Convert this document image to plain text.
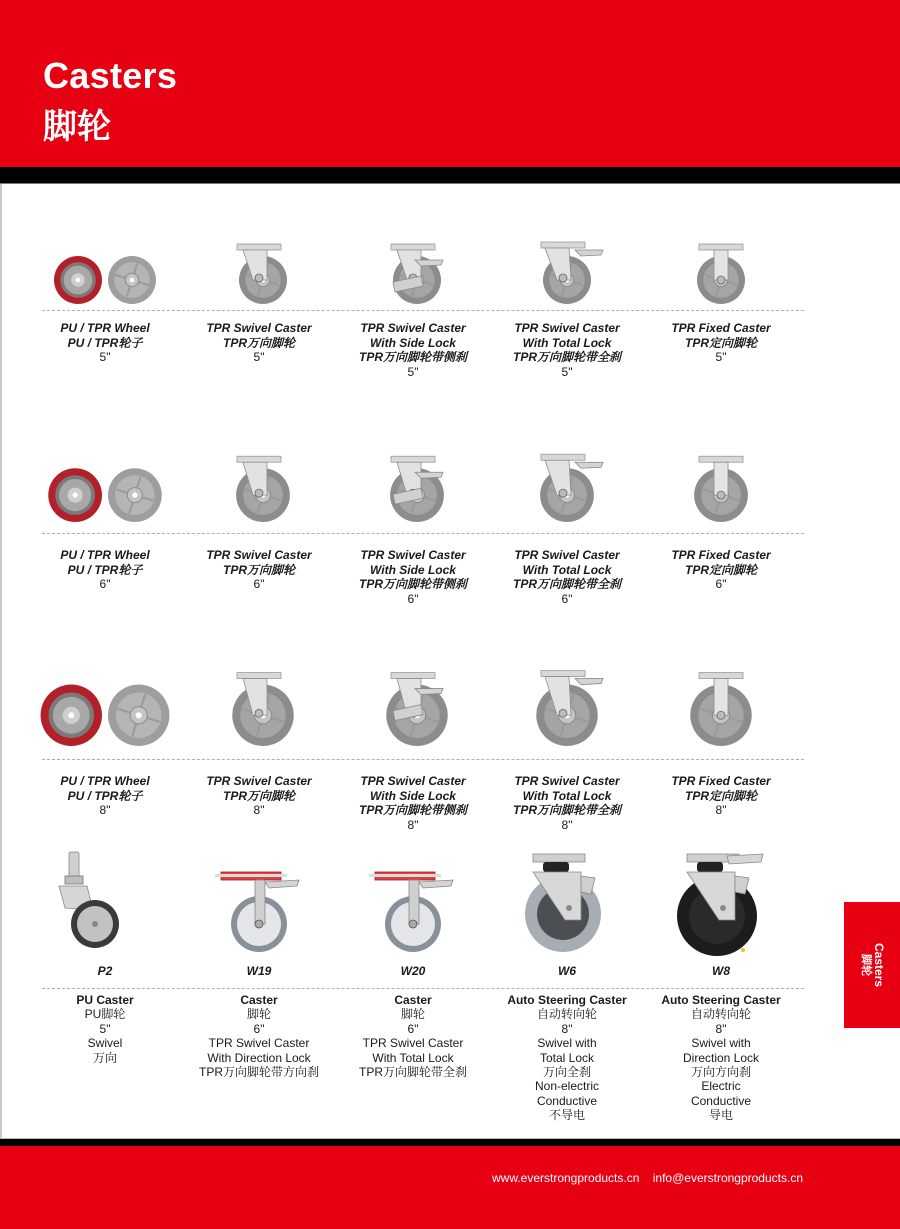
Casters
脚轮
PU / TPR Wheel
PU / TPR轮子
5"
TPR Swivel Caster
TPR万向脚轮
5"
TPR Swivel Caster
With Side Lock
TPR万向脚轮带侧刹
5"
TPR Swivel Caster
With Total Lock
TPR万向脚轮带全刹
5"
TPR Fixed Caster
TPR定向脚轮
5"
PU / TPR Wheel
PU / TPR轮子
6"
TPR Swivel Caster
TPR万向脚轮
6"
TPR Swivel Caster
With Side Lock
TPR万向脚轮带侧刹
6"
TPR Swivel Caster
With Total Lock
TPR万向脚轮带全刹
6"
TPR Fixed Caster
TPR定向脚轮
6"
PU / TPR Wheel
PU / TPR轮子
8"
TPR Swivel Caster
TPR万向脚轮
8"
TPR Swivel Caster
With Side Lock
TPR万向脚轮带侧刹
8"
TPR Swivel Caster
With Total Lock
TPR万向脚轮带全刹
8"
TPR Fixed Caster
TPR定向脚轮
8"
P2
PU Caster
PU脚轮
5"
Swivel
万向
W19
Caster
脚轮
6"
TPR Swivel Caster
With Direction Lock
TPR万向脚轮带方向刹
W20
Caster
脚轮
6"
TPR Swivel Caster
With Total Lock
TPR万向脚轮带全刹
W6
Auto Steering Caster
自动转向轮
8"
Swivel with
Total Lock
万向全刹
Non-electric
Conductive
不导电
W8
Auto Steering Caster
自动转向轮
8"
Swivel with
Direction Lock
万向方向刹
Electric
Conductive
导电
Casters
脚轮
www.everstrongproducts.cn info@everstrongproducts.cn
